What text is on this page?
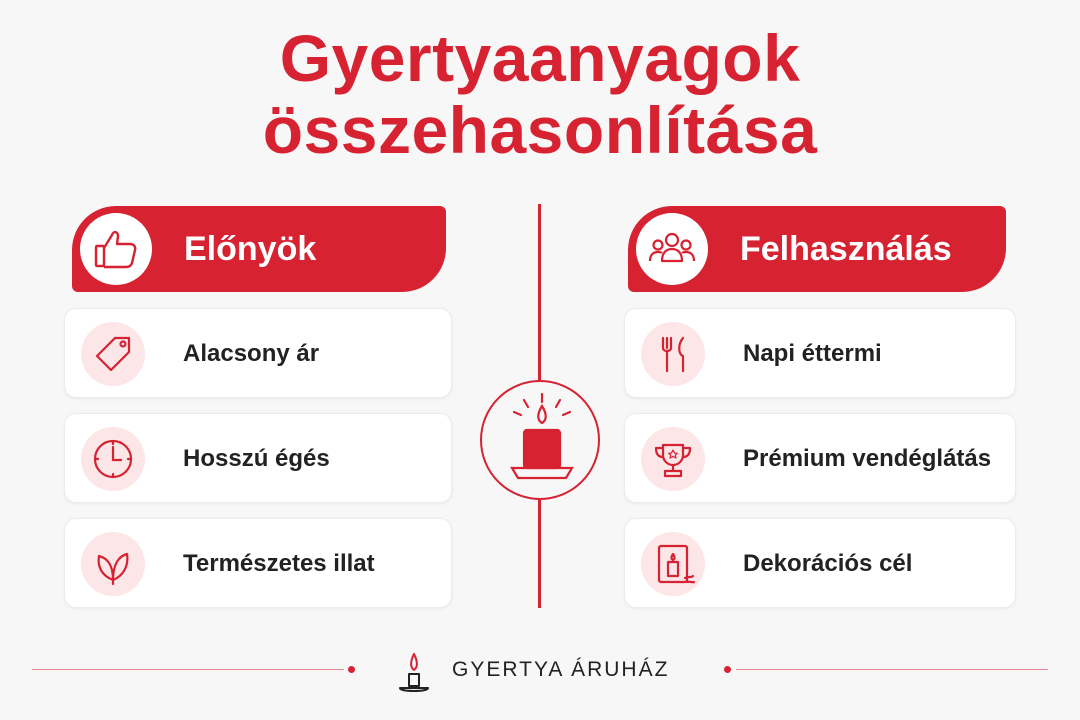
Gyertyaanyagok
összehasonlítása
Előnyök
Alacsony ár
Hosszú égés
Természetes illat
Felhasználás
Napi éttermi
Prémium vendéglátás
Dekorációs cél
GYERTYA ÁRUHÁZ
